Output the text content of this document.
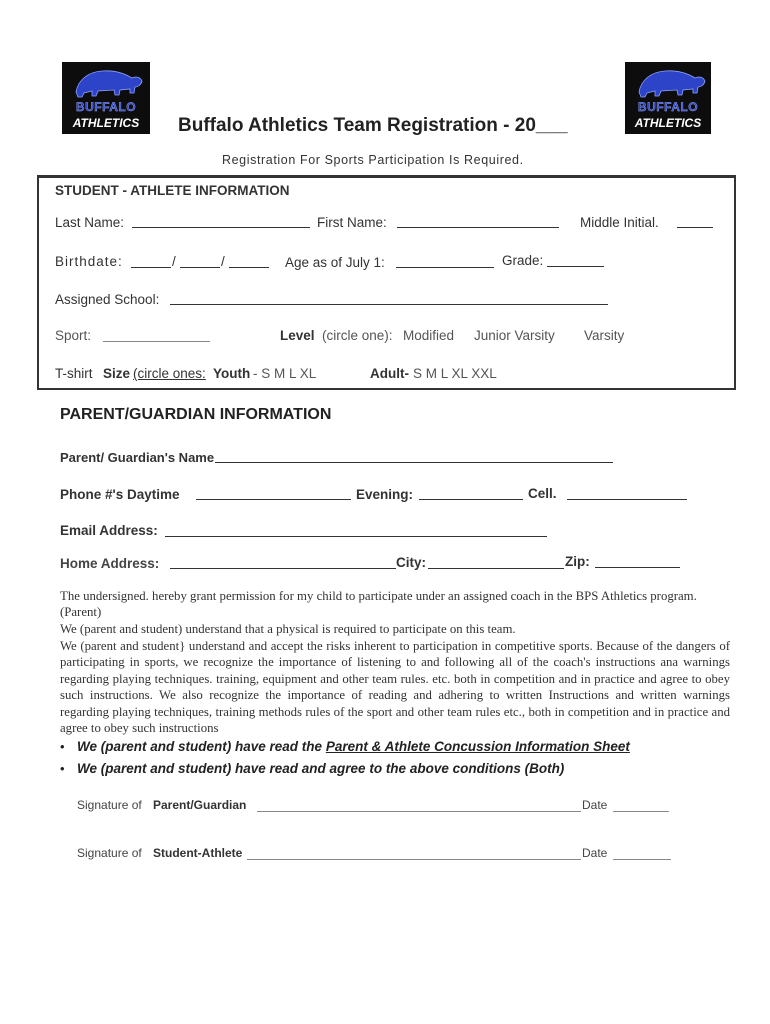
BUFFALO
ATHLETICS
BUFFALO
ATHLETICS
Buffalo Athletics Team Registration - 20___
Registration For Sports Participation Is Required.
STUDENT - ATHLETE INFORMATION
Last Name:	First Name:	Middle Initial.
Birthdate:	/	/	Age as of July 1:	Grade:
Assigned School:
Sport:	Level (circle one): Modified Junior Varsity Varsity
T-shirt Size (circle ones: Youth - S M L XL	Adult- S M L XL XXL
PARENT/GUARDIAN INFORMATION
Parent/ Guardian's Name
Phone #'s Daytime	Evening:	Cell.
Email Address:
Home Address:	City:	Zip:
The undersigned. hereby grant permission for my child to participate under an assigned coach in the BPS Athletics program.
(Parent)
We (parent and student) understand that a physical is required to participate on this team.
We (parent and student} understand and accept the risks inherent to participation in competitive sports. Because of the dangers of participating in sports, we recognize the importance of listening to and following all of the coach's instructions ana warnings regarding playing techniques. training, equipment and other team rules. etc. both in competition and in practice and agree to obey such instructions. We also recognize the importance of reading and adhering to written Instructions and written warnings regarding playing techniques, training methods rules of the sport and other team rules etc., both in competition and in practice and agree to obey such instructions
• We (parent and student) have read the Parent & Athlete Concussion Information Sheet
• We (parent and student) have read and agree to the above conditions (Both)
Signature of Parent/Guardian	Date
Signature of Student-Athlete	Date
